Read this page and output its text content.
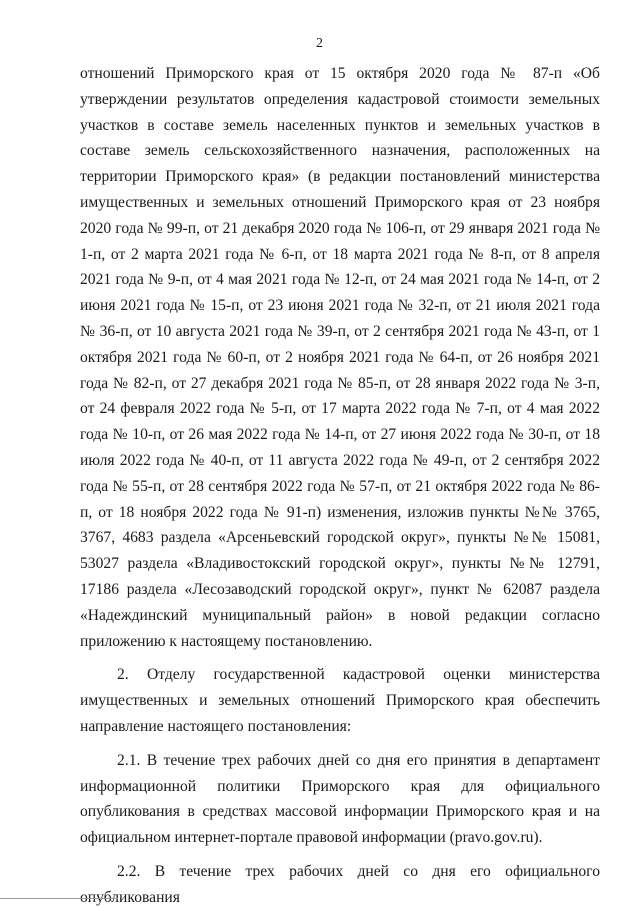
2

отношений Приморского края от 15 октября 2020 года № 87-п «Об утверждении результатов определения кадастровой стоимости земельных участков в составе земель населенных пунктов и земельных участков в составе земель сельскохозяйственного назначения, расположенных на территории Приморского края» (в редакции постановлений министерства имущественных и земельных отношений Приморского края от 23 ноября 2020 года № 99-п, от 21 декабря 2020 года № 106-п, от 29 января 2021 года № 1-п, от 2 марта 2021 года № 6-п, от 18 марта 2021 года № 8-п, от 8 апреля 2021 года № 9-п, от 4 мая 2021 года № 12-п, от 24 мая 2021 года № 14-п, от 2 июня 2021 года № 15-п, от 23 июня 2021 года № 32-п, от 21 июля 2021 года № 36-п, от 10 августа 2021 года № 39-п, от 2 сентября 2021 года № 43-п, от 1 октября 2021 года № 60-п, от 2 ноября 2021 года № 64-п, от 26 ноября 2021 года № 82-п, от 27 декабря 2021 года № 85-п, от 28 января 2022 года № 3-п, от 24 февраля 2022 года № 5-п, от 17 марта 2022 года № 7-п, от 4 мая 2022 года № 10-п, от 26 мая 2022 года № 14-п, от 27 июня 2022 года № 30-п, от 18 июля 2022 года № 40-п, от 11 августа 2022 года № 49-п, от 2 сентября 2022 года № 55-п, от 28 сентября 2022 года № 57-п, от 21 октября 2022 года № 86-п, от 18 ноября 2022 года № 91-п) изменения, изложив пункты №№ 3765, 3767, 4683 раздела «Арсеньевский городской округ», пункты №№ 15081, 53027 раздела «Владивостокский городской округ», пункты №№ 12791, 17186 раздела «Лесозаводский городской округ», пункт № 62087 раздела «Надеждинский муниципальный район» в новой редакции согласно приложению к настоящему постановлению.

2. Отделу государственной кадастровой оценки министерства имущественных и земельных отношений Приморского края обеспечить направление настоящего постановления:

2.1. В течение трех рабочих дней со дня его принятия в департамент информационной политики Приморского края для официального опубликования в средствах массовой информации Приморского края и на официальном интернет-портале правовой информации (pravo.gov.ru).

2.2. В течение трех рабочих дней со дня его официального опубликования
